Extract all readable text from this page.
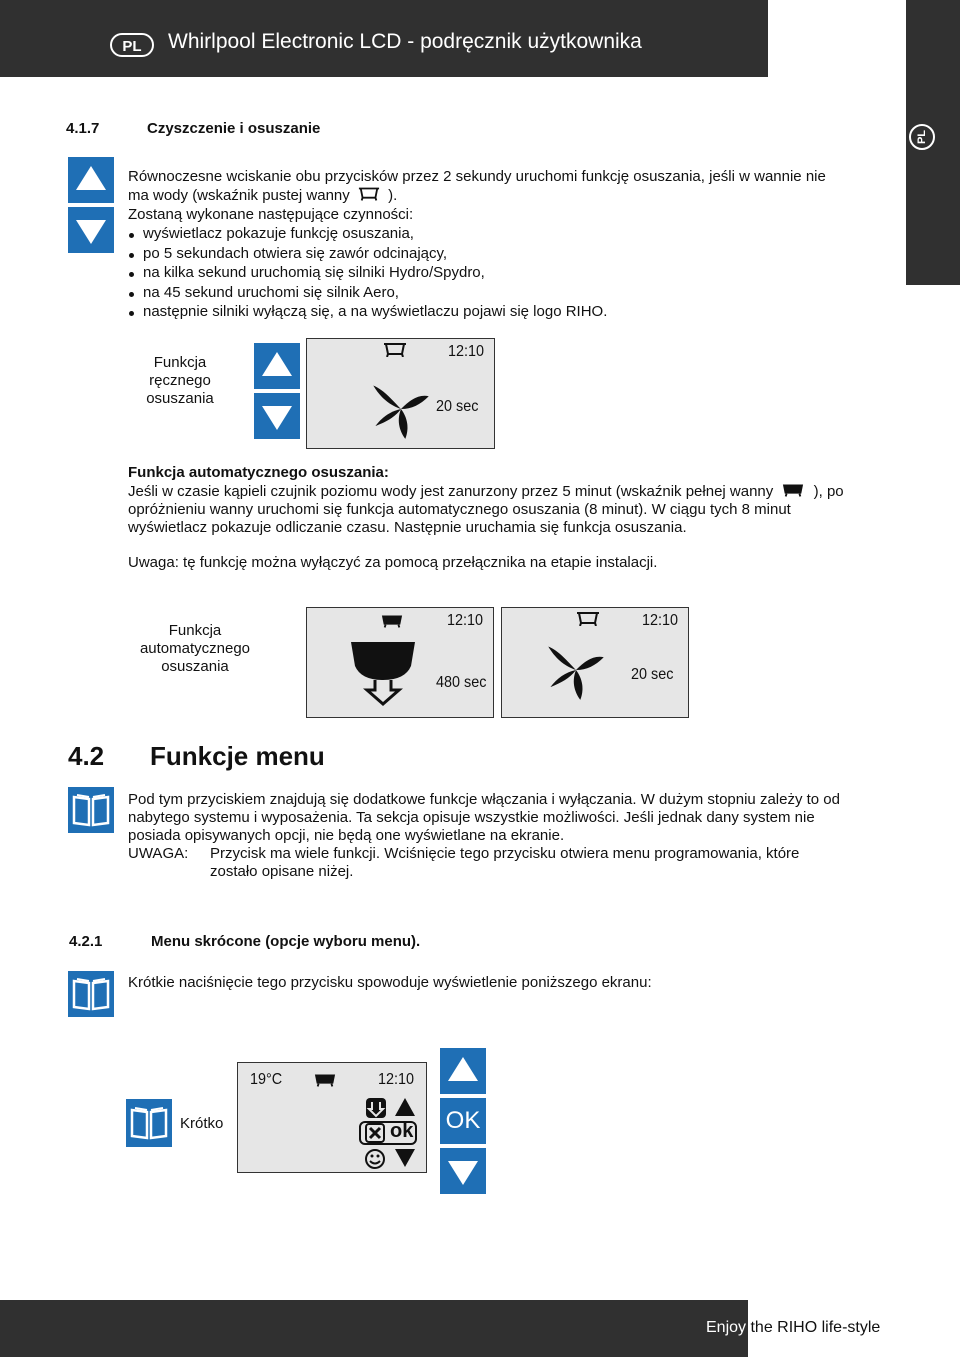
PL	Whirlpool Electronic LCD - podręcznik użytkownika
PL
4.1.7	Czyszczenie i osuszanie
Równoczesne wciskanie obu przycisków przez 2 sekundy uruchomi funkcję osuszania, jeśli w wannie nie
ma wody (wskaźnik pustej wanny	).
Zostaną wykonane następujące czynności:
wyświetlacz pokazuje funkcję osuszania,
po 5 sekundach otwiera się zawór odcinający,
na kilka sekund uruchomią się silniki Hydro/Spydro,
na 45 sekund uruchomi się silnik Aero,
następnie silniki wyłączą się, a na wyświetlaczu pojawi się logo RIHO.
Funkcja
ręcznego
osuszania
12:10
20 sec
Funkcja automatycznego osuszania:
Jeśli w czasie kąpieli czujnik poziomu wody jest zanurzony przez 5 minut (wskaźnik pełnej wanny	), po
opróżnieniu wanny uruchomi się funkcja automatycznego osuszania (8 minut). W ciągu tych 8 minut
wyświetlacz pokazuje odliczanie czasu. Następnie uruchamia się funkcja osuszania.
Uwaga: tę funkcję można wyłączyć za pomocą przełącznika na etapie instalacji.
Funkcja
automatycznego
osuszania
12:10
480 sec
12:10
20 sec
4.2 Funkcje menu
Pod tym przyciskiem znajdują się dodatkowe funkcje włączania i wyłączania. W dużym stopniu zależy to od
nabytego systemu i wyposażenia. Ta sekcja opisuje wszystkie możliwości. Jeśli jednak dany system nie
posiada opisywanych opcji, nie będą one wyświetlane na ekranie.
UWAGA: Przycisk ma wiele funkcji. Wciśnięcie tego przycisku otwiera menu programowania, które
zostało opisane niżej.
4.2.1	Menu skrócone (opcje wyboru menu).
Krótkie naciśnięcie tego przycisku spowoduje wyświetlenie poniższego ekranu:
Krótko
19°C	12:10
ok OK
Enjoy the RIHO life-style
